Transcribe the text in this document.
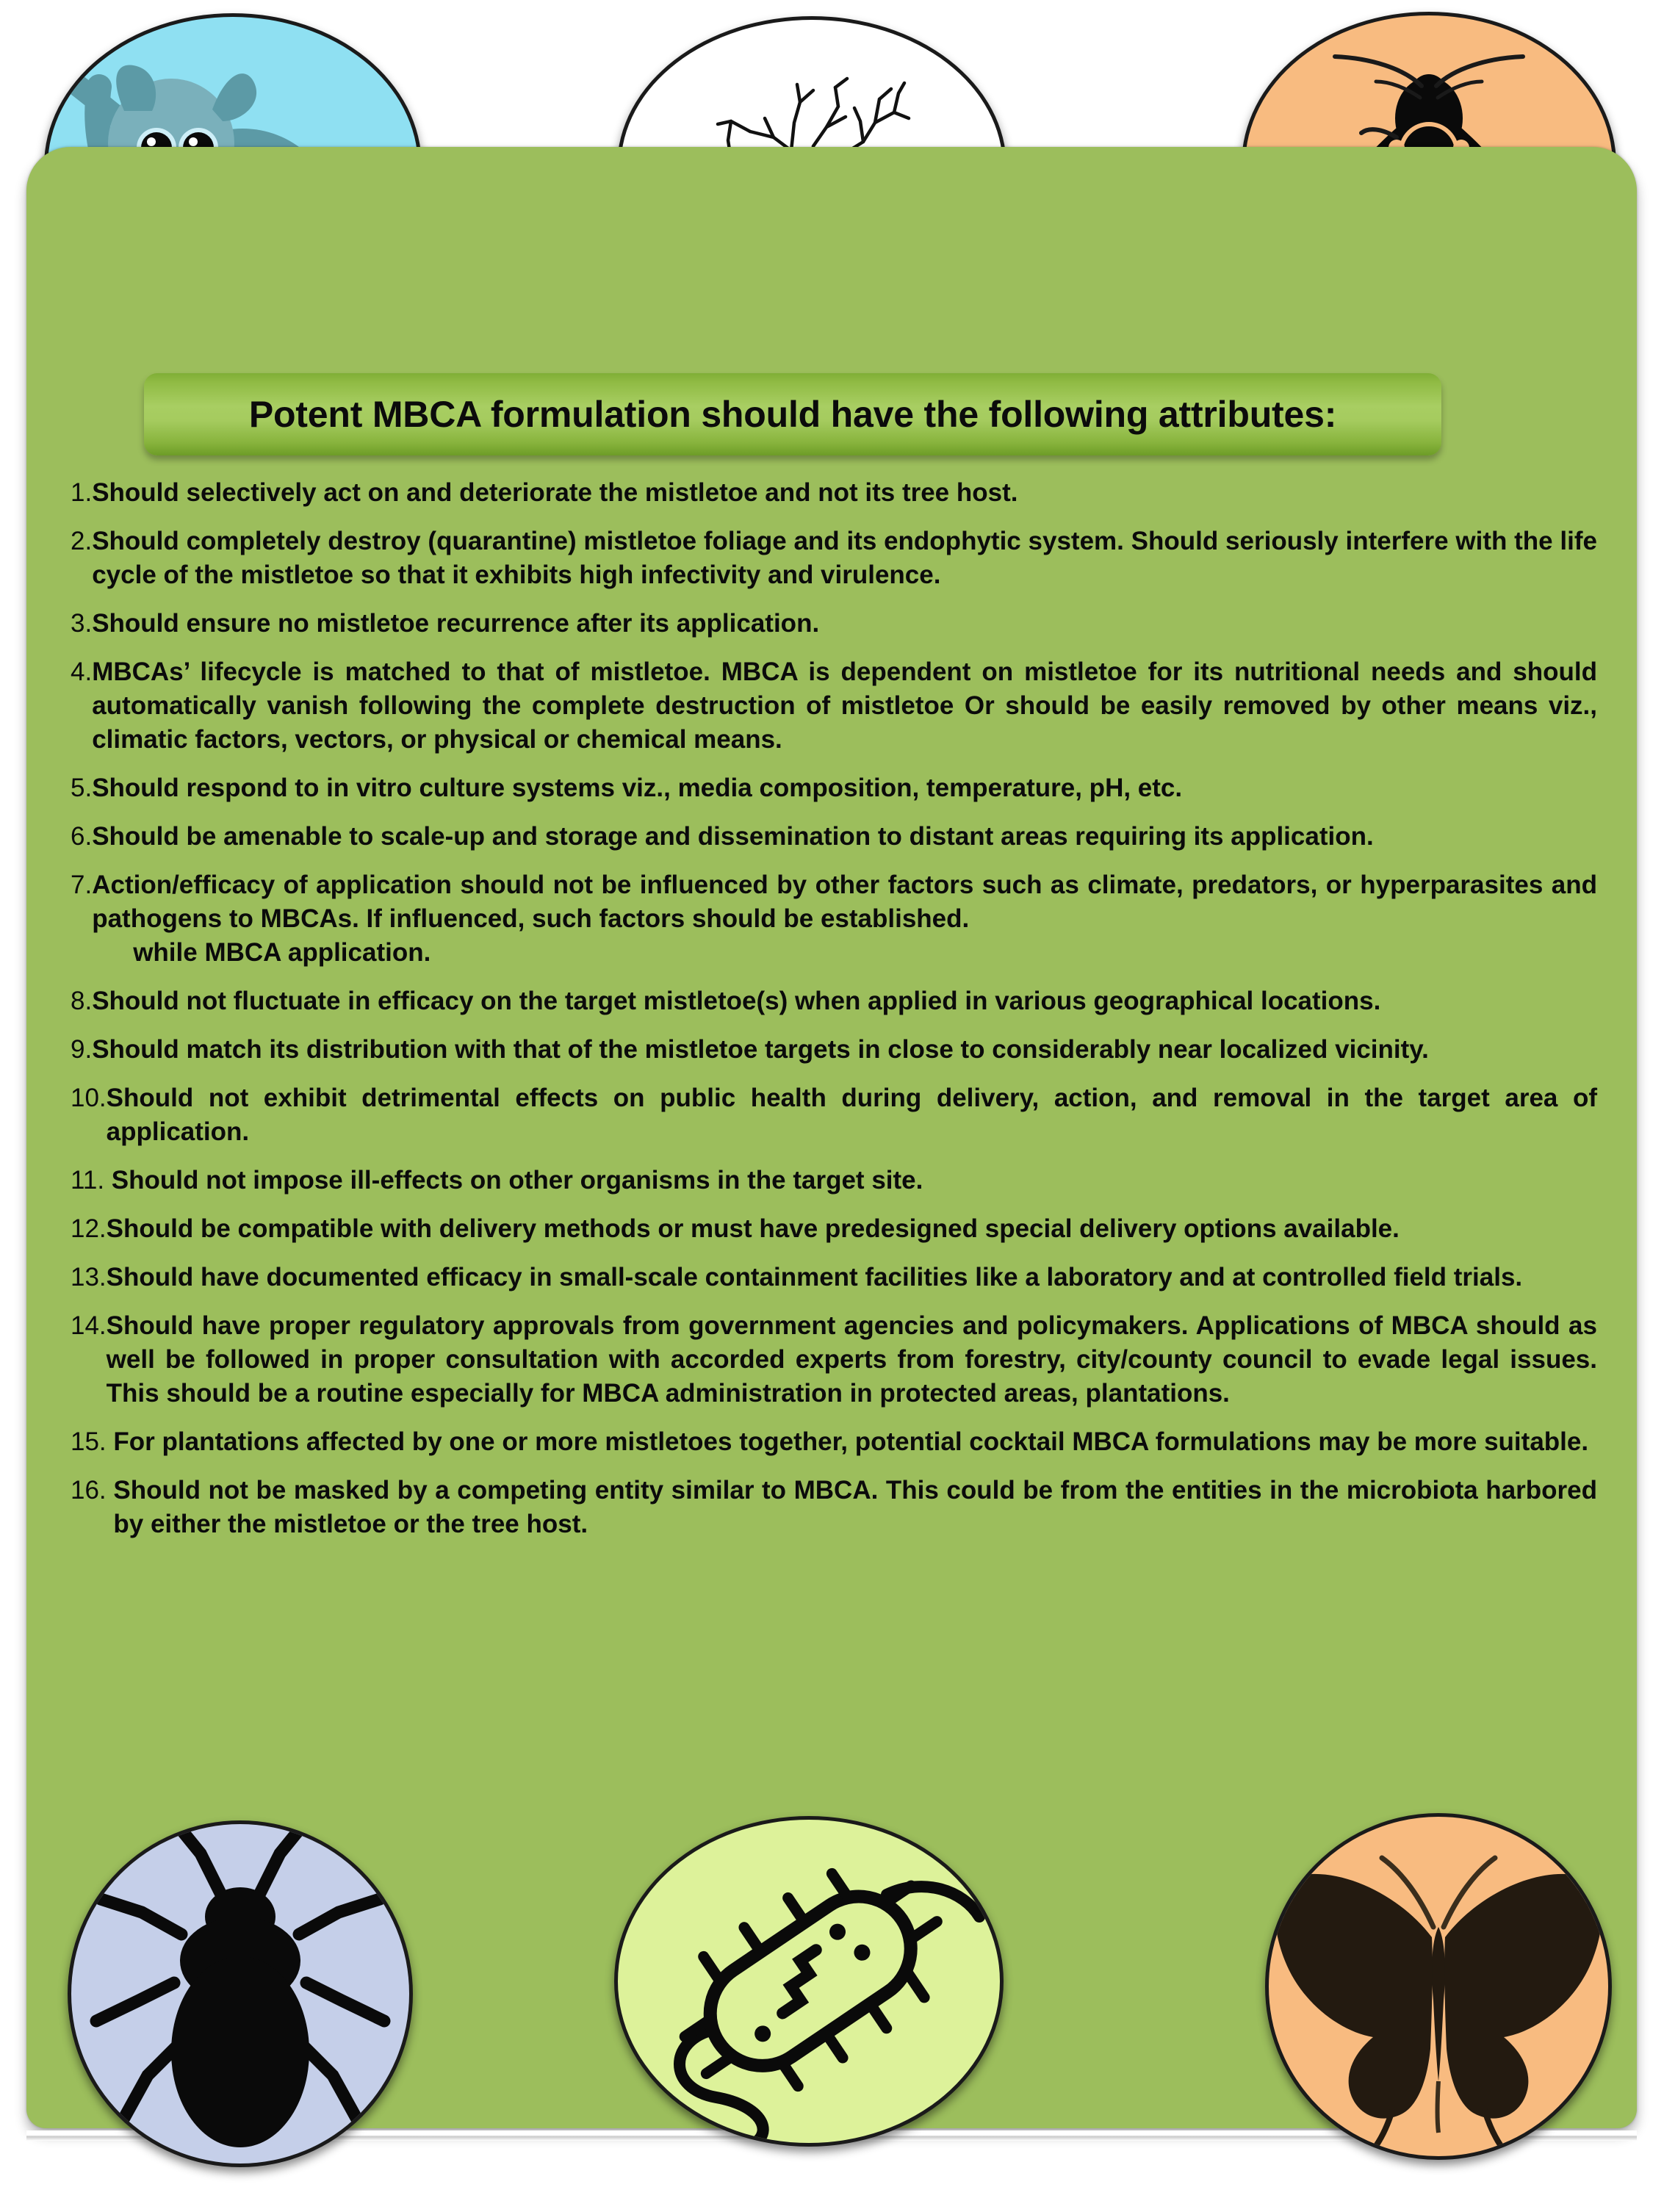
Potent MBCA formulation should have the following attributes:
1. Should selectively act on and deteriorate the mistletoe and not its tree host.
2. Should completely destroy (quarantine) mistletoe foliage and its endophytic system. Should seriously interfere with the life cycle of the mistletoe so that it exhibits high infectivity and virulence.
3. Should ensure no mistletoe recurrence after its application.
4. MBCAs’ lifecycle is matched to that of mistletoe. MBCA is dependent on mistletoe for its nutritional needs and should automatically vanish following the complete destruction of mistletoe Or should be easily removed by other means viz., climatic factors, vectors, or physical or chemical means.
5. Should respond to in vitro culture systems viz., media composition, temperature, pH, etc.
6. Should be amenable to scale-up and storage and dissemination to distant areas requiring its application.
7. Action/efficacy of application should not be influenced by other factors such as climate, predators, or hyperparasites and pathogens to MBCAs. If influenced, such factors should be established.
while MBCA application.
8. Should not fluctuate in efficacy on the target mistletoe(s) when applied in various geographical locations.
9. Should match its distribution with that of the mistletoe targets in close to considerably near localized vicinity.
10. Should not exhibit detrimental effects on public health during delivery, action, and removal in the target area of application.
11. Should not impose ill-effects on other organisms in the target site.
12. Should be compatible with delivery methods or must have predesigned special delivery options available.
13. Should have documented efficacy in small-scale containment facilities like a laboratory and at controlled field trials.
14. Should have proper regulatory approvals from government agencies and policymakers. Applications of MBCA should as well be followed in proper consultation with accorded experts from forestry, city/county council to evade legal issues. This should be a routine especially for MBCA administration in protected areas, plantations.
15. For plantations affected by one or more mistletoes together, potential cocktail MBCA formulations may be more suitable.
16. Should not be masked by a competing entity similar to MBCA. This could be from the entities in the microbiota harbored by either the mistletoe or the tree host.
